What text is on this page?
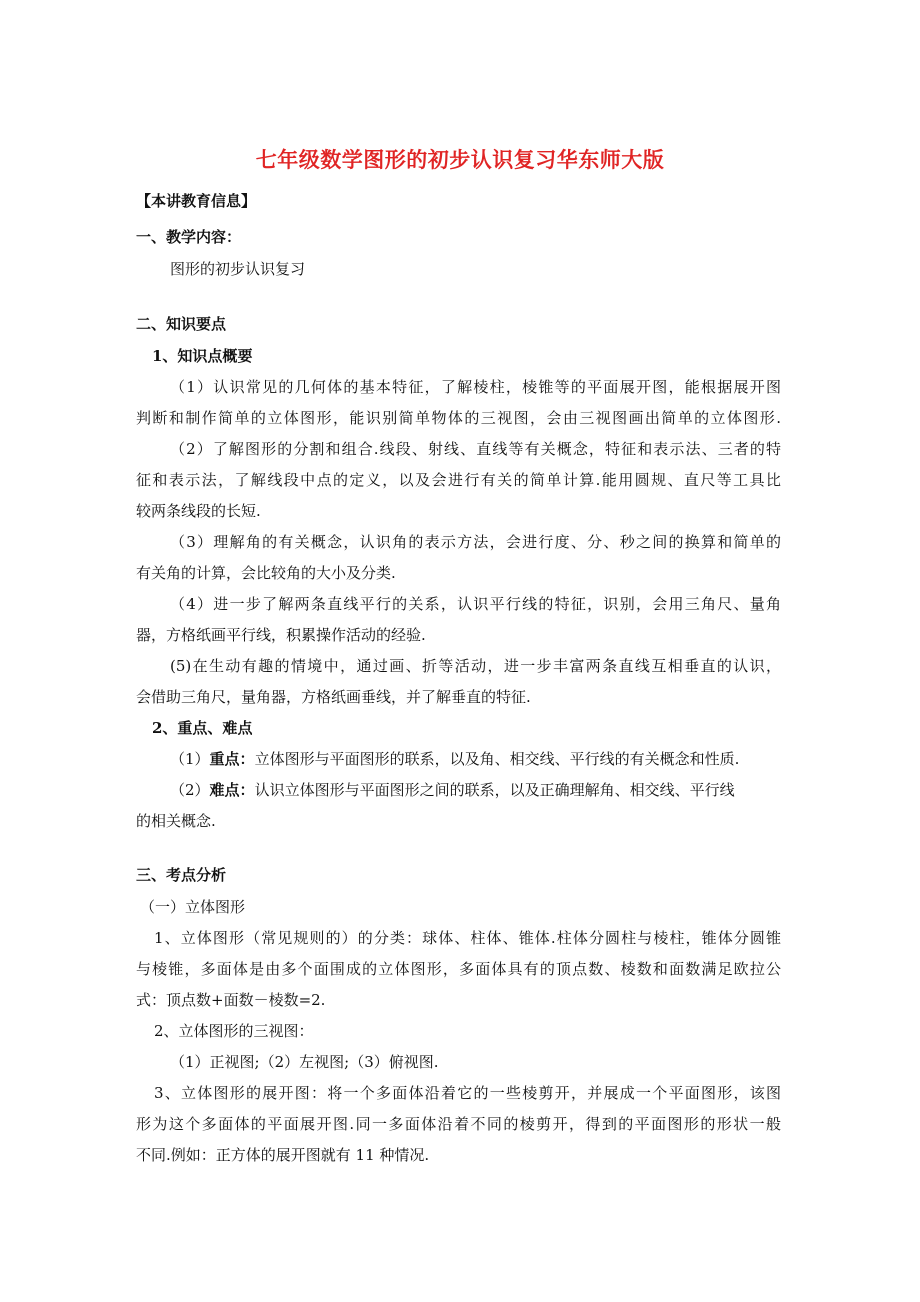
七年级数学图形的初步认识复习华东师大版
【本讲教育信息】
一、教学内容：
图形的初步认识复习
二、知识要点
1、知识点概要
（1）认识常见的几何体的基本特征，了解棱柱，棱锥等的平面展开图，能根据展开图
判断和制作简单的立体图形，能识别简单物体的三视图，会由三视图画出简单的立体图形.
（2）了解图形的分割和组合.线段、射线、直线等有关概念，特征和表示法、三者的特
征和表示法，了解线段中点的定义，以及会进行有关的简单计算.能用圆规、直尺等工具比
较两条线段的长短.
（3）理解角的有关概念，认识角的表示方法，会进行度、分、秒之间的换算和简单的
有关角的计算，会比较角的大小及分类.
（4）进一步了解两条直线平行的关系，认识平行线的特征，识别，会用三角尺、量角
器，方格纸画平行线，积累操作活动的经验.
(5)在生动有趣的情境中，通过画、折等活动，进一步丰富两条直线互相垂直的认识，
会借助三角尺，量角器，方格纸画垂线，并了解垂直的特征.
2、重点、难点
（1）重点：立体图形与平面图形的联系，以及角、相交线、平行线的有关概念和性质.
（2）难点：认识立体图形与平面图形之间的联系，以及正确理解角、相交线、平行线
的相关概念.
三、考点分析
（一）立体图形
1、立体图形（常见规则的）的分类：球体、柱体、锥体.柱体分圆柱与棱柱，锥体分圆锥
与棱锥，多面体是由多个面围成的立体图形，多面体具有的顶点数、棱数和面数满足欧拉公
式：顶点数+面数－棱数=2.
2、立体图形的三视图：
（1）正视图;（2）左视图;（3）俯视图.
3、立体图形的展开图：将一个多面体沿着它的一些棱剪开，并展成一个平面图形，该图
形为这个多面体的平面展开图.同一多面体沿着不同的棱剪开，得到的平面图形的形状一般
不同.例如：正方体的展开图就有 11 种情况.
